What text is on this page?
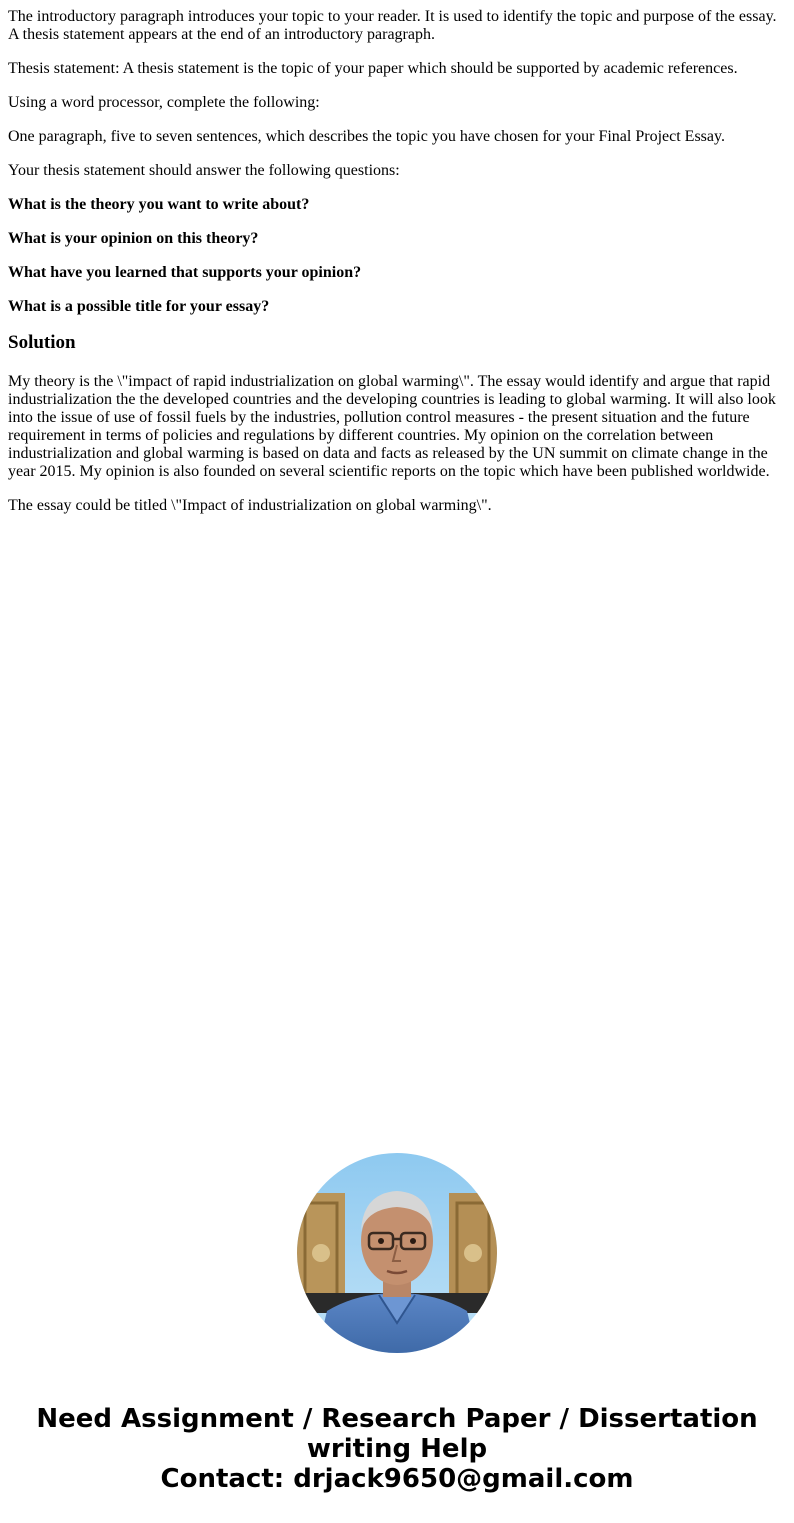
The introductory paragraph introduces your topic to your reader. It is used to identify the topic and purpose of the essay. A thesis statement appears at the end of an introductory paragraph.

Thesis statement: A thesis statement is the topic of your paper which should be supported by academic references.

Using a word processor, complete the following:

One paragraph, five to seven sentences, which describes the topic you have chosen for your Final Project Essay.

Your thesis statement should answer the following questions:

What is the theory you want to write about?

What is your opinion on this theory?

What have you learned that supports your opinion?

What is a possible title for your essay?

Solution

My theory is the \"impact of rapid industrialization on global warming\". The essay would identify and argue that rapid industrialization the the developed countries and the developing countries is leading to global warming. It will also look into the issue of use of fossil fuels by the industries, pollution control measures - the present situation and the future requirement in terms of policies and regulations by different countries. My opinion on the correlation between industrialization and global warming is based on data and facts as released by the UN summit on climate change in the year 2015. My opinion is also founded on several scientific reports on the topic which have been published worldwide.

The essay could be titled \"Impact of industrialization on global warming\".

Need Assignment / Research Paper / Dissertation
writing Help
Contact: drjack9650@gmail.com
